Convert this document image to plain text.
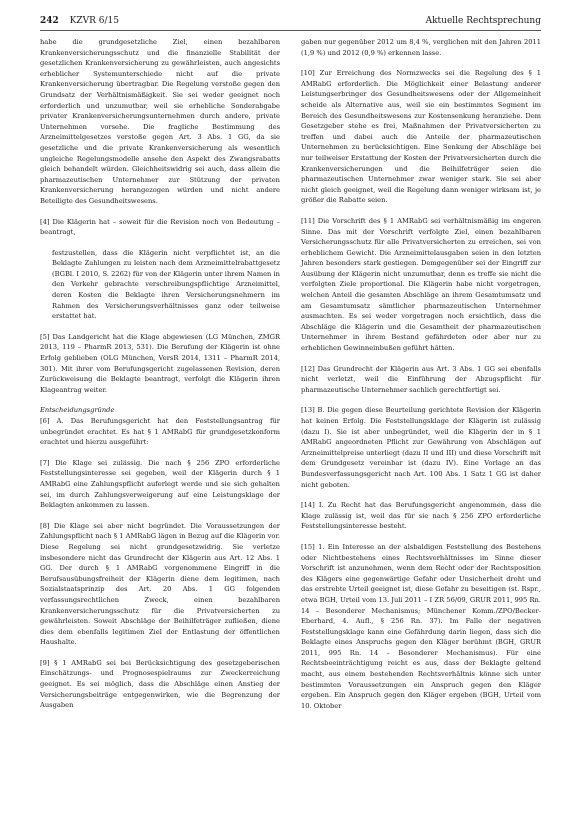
242 KZVR 6/15	Aktuelle Rechtsprechung

habe die grundgesetzliche Ziel, einen bezahlbaren Krankenversicherungsschutz und die finanzielle Stabilität der gesetzlichen Krankenversicherung zu gewährleisten, auch angesichts erheblicher Systemunterschiede nicht auf die private Krankenversicherung übertragbar. Die Regelung verstoße gegen den Grundsatz der Verhältnismäßigkeit. Sie sei weder geeignet noch erforderlich und unzumutbar, weil sie erhebliche Sonderabgabe privater Krankenversicherungsunternehmen durch andere, private Unternehmen vorsehe. Die fragliche Bestimmung des Arzneimittelgesetzes verstoße gegen Art. 3 Abs. 1 GG, da sie gesetzliche und die private Krankenversicherung als wesentlich ungleiche Regelungsmodelle ansehe den Aspekt des Zwangsrabatts gleich behandelt würden. Gleichheitswidrig sei auch, dass allein die pharmazeutischen Unternehmer zur Stützung der privaten Krankenversicherung herangezogen würden und nicht andere Beteiligte des Gesundheitswesens.

[4] Die Klägerin hat – soweit für die Revision noch von Bedeutung – beantragt,

festzustellen, dass die Klägerin nicht verpflichtet ist, an die Beklagte Zahlungen zu leisten nach dem Arzneimittelrabattgesetz (BGBl. I 2010, S. 2262) für von der Klägerin unter ihrem Namen in den Verkehr gebrachte verschreibungspflichtige Arzneimittel, deren Kosten die Beklagte ihren Versicherungsnehmern im Rahmen des Versicherungsverhältnisses ganz oder teilweise erstattet hat.

[5] Das Landgericht hat die Klage abgewiesen (LG München, ZMGR 2013, 119 – PharmR 2013, 531). Die Berufung der Klägerin ist ohne Erfolg geblieben (OLG München, VersR 2014, 1311 – PharmR 2014, 301). Mit ihrer vom Berufungsgericht zugelassenen Revision, deren Zurückweisung die Beklagte beantragt, verfolgt die Klägerin ihren Klageantrag weiter.

Entscheidungsgründe

[6] A. Das Berufungsgericht hat den Feststellungsantrag für unbegründet erachtet. Es hat § 1 AMRabG für grundgesetzkonform erachtet und hierzu ausgeführt:

[7] Die Klage sei zulässig. Die nach § 256 ZPO erforderliche Feststellungsinteresse sei gegeben, weil der Klägerin durch § 1 AMRabG eine Zahlungspflicht auferlegt werde und sie sich gehalten sei, im durch Zahlungsverweigerung auf eine Leistungsklage der Beklagten ankommen zu lassen.

[8] Die Klage sei aber nicht begründet. Die Voraussetzungen der Zahlungspflicht nach § 1 AMRabG lägen in Bezug auf die Klägerin vor. Diese Regelung sei nicht grundgesetzwidrig. Sie verletze insbesondere nicht das Grundrecht der Klägerin aus Art. 12 Abs. 1 GG. Der durch § 1 AMRabG vorgenommene Eingriff in die Berufsausübungsfreiheit der Klägerin diene dem legitimen, nach Sozialstaatsprinzip des Art. 20 Abs. 1 GG folgenden verfassungsrechtlichen Zweck, einen bezahlbaren Krankenversicherungsschutz für die Privatversicherten zu gewährleisten. Soweit Abschläge der Beihilfeträger zufließen, diene dies dem ebenfalls legitimen Ziel der Entlastung der öffentlichen Haushalte.

[9] § 1 AMRabG sei bei Berücksichtigung des gesetzgeberischen Einschätzungs- und Prognosespielraums zur Zweckerreichung geeignet. Es sei möglich, dass die Abschläge einen Anstieg der Versicherungsbeiträge entgegenwirken, wie die Begrenzung der Ausgaben

gaben nur gegenüber 2012 um 8,4 %, verglichen mit den Jahren 2011 (1,9 %) und 2012 (0,9 %) erkennen lasse.

[10] Zur Erreichung des Normzwecks sei die Regelung des § 1 AMRabG erforderlich. Die Möglichkeit einer Belastung anderer Leistungserbringer des Gesundheitswesens oder der Allgemeinheit scheide als Alternative aus, weil sie ein bestimmtes Segment im Bereich des Gesundheitswesens zur Kostensenkung heranziehe. Dem Gesetzgeber stehe es frei, Maßnahmen der Privatversicherten zu treffen und dabei auch die Anteile der pharmazeutischen Unternehmen zu berücksichtigen. Eine Senkung der Abschläge bei nur teilweiser Erstattung der Kosten der Privatversicherten durch die Krankenversicherungen und die Beihilfeträger seien die pharmazeutischen Unternehmer zwar weniger stark. Sie sei aber nicht gleich geeignet, weil die Regelung dann weniger wirksam ist, je größer die Rabatte seien.

[11] Die Vorschrift des § 1 AMRabG sei verhältnismäßig im engeren Sinne. Das mit der Vorschrift verfolgte Ziel, einen bezahlbaren Versicherungsschutz für alle Privatversicherten zu erreichen, sei von erheblichem Gewicht. Die Arzneimittelausgaben seien in den letzten Jahren besonders stark gestiegen. Demgegenüber sei der Eingriff zur Ausübung der Klägerin nicht unzumutbar, denn es treffe sie nicht die verfolgten Ziele proportional. Die Klägerin habe nicht vorgetragen, welchen Anteil die gesamten Abschläge an ihrem Gesamtumsatz und am Gesamtumsatz sämtlicher pharmazeutischen Unternehmer ausmachten. Es sei weder vorgetragen noch ersichtlich, dass die Abschläge die Klägerin und die Gesamtheit der pharmazeutischen Unternehmer in ihrem Bestand gefährdeten oder aber nur zu erheblichen Gewinneinbußen geführt hätten.

[12] Das Grundrecht der Klägerin aus Art. 3 Abs. 1 GG sei ebenfalls nicht verletzt, weil die Einführung der Abzugspflicht für pharmazeutische Unternehmer sachlich gerechtfertigt sei.

[13] B. Die gegen diese Beurteilung gerichtete Revision der Klägerin hat keinen Erfolg. Die Feststellungsklage der Klägerin ist zulässig (dazu I). Sie ist aber unbegründet, weil die Klägerin der in § 1 AMRabG angeordneten Pflicht zur Gewährung von Abschlägen auf Arzneimittelpreise unterliegt (dazu II und III) und diese Vorschrift mit dem Grundgesetz vereinbar ist (dazu IV). Eine Vorlage an das Bundesverfassungsgericht nach Art. 100 Abs. 1 Satz 1 GG ist daher nicht geboten.

[14] I. Zu Recht hat das Berufungsgericht angenommen, dass die Klage zulässig ist, weil das für sie nach § 256 ZPO erforderliche Feststellungsinteresse besteht.

[15] 1. Ein Interesse an der alsbaldigen Feststellung des Bestehens oder Nichtbestehens eines Rechtsverhältnisses im Sinne dieser Vorschrift ist anzunehmen, wenn dem Recht oder der Rechtsposition des Klägers eine gegenwärtige Gefahr oder Unsicherheit droht und das erstrebte Urteil geeignet ist, diese Gefahr zu beseitigen (st. Rspr., etwa BGH, Urteil vom 13. Juli 2011 – I ZR 56/09, GRUR 2011, 995 Rn. 14 – Besonderer Mechanismus; Münchener Komm./ZPO/Becker-Eberhard, 4. Aufl., § 256 Rn. 37). Im Falle der negativen Feststellungsklage kann eine Gefährdung darin liegen, dass sich die Beklagte eines Anspruchs gegen den Kläger berühmt (BGH, GRUR 2011, 995 Rn. 14 – Besonderer Mechanismus). Für eine Rechtsbeeinträchtigung reicht es aus, dass der Beklagte geltend macht, aus einem bestehenden Rechtsverhältnis könne sich unter bestimmten Voraussetzungen ein Anspruch gegen den Kläger ergeben. Ein Anspruch gegen den Kläger ergeben (BGH, Urteil vom 10. Oktober
